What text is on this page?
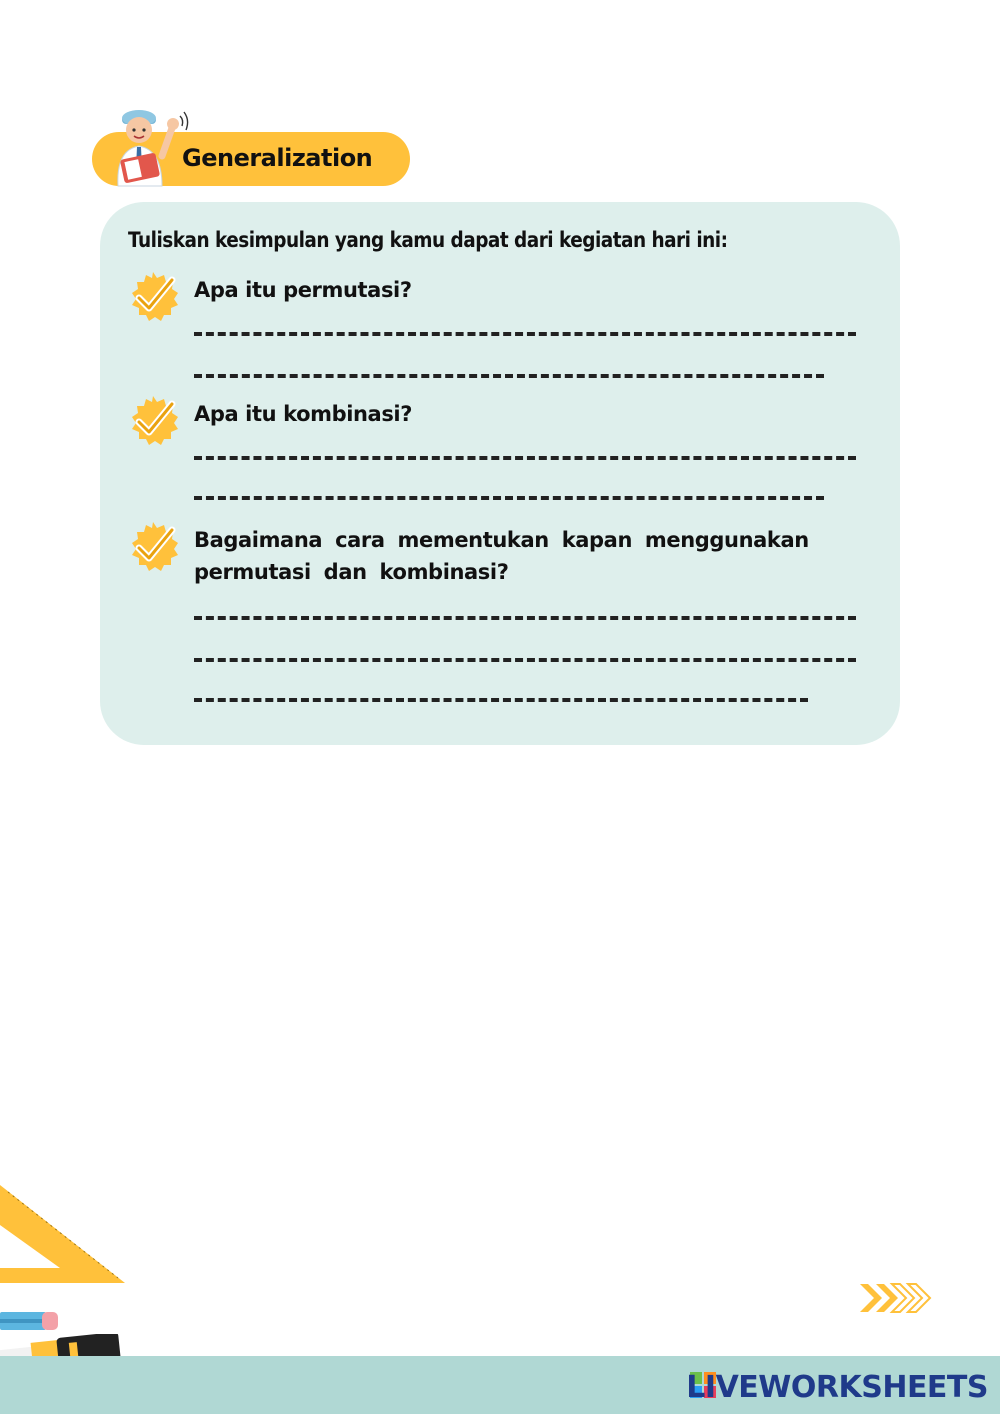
Generalization
Tuliskan kesimpulan yang kamu dapat dari kegiatan hari ini:
Apa itu permutasi?
Apa itu kombinasi?
Bagaimana cara mementukan kapan menggunakan permutasi dan kombinasi?
LIVEWORKSHEETS
